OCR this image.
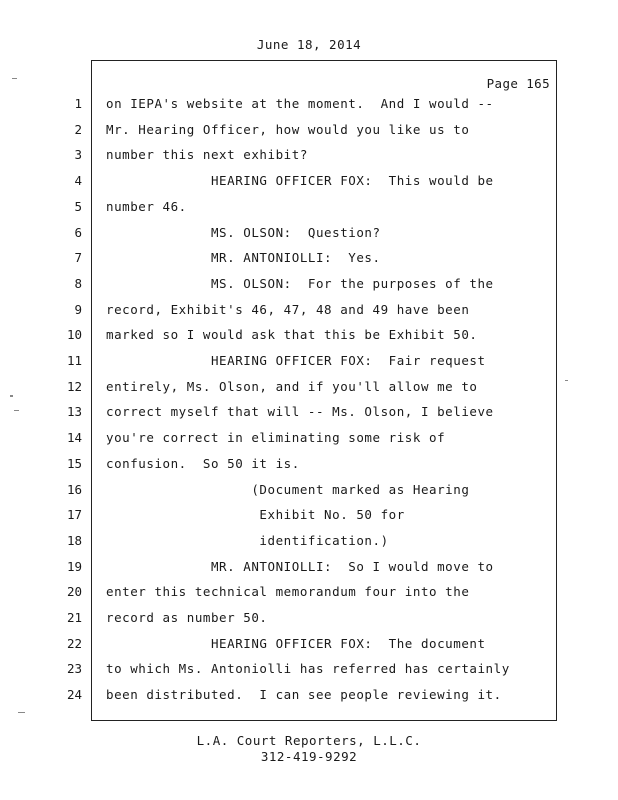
June 18, 2014
Page 165
1 on IEPA's website at the moment.  And I would --
2 Mr. Hearing Officer, how would you like us to
3 number this next exhibit?
4 HEARING OFFICER FOX:  This would be
5 number 46.
6 MS. OLSON:  Question?
7 MR. ANTONIOLLI:  Yes.
8 MS. OLSON:  For the purposes of the
9 record, Exhibit's 46, 47, 48 and 49 have been
10 marked so I would ask that this be Exhibit 50.
11 HEARING OFFICER FOX:  Fair request
12 entirely, Ms. Olson, and if you'll allow me to
13 correct myself that will -- Ms. Olson, I believe
14 you're correct in eliminating some risk of
15 confusion.  So 50 it is.
16 (Document marked as Hearing
17 Exhibit No. 50 for
18 identification.)
19 MR. ANTONIOLLI:  So I would move to
20 enter this technical memorandum four into the
21 record as number 50.
22 HEARING OFFICER FOX:  The document
23 to which Ms. Antoniolli has referred has certainly
24 been distributed.  I can see people reviewing it.
L.A. Court Reporters, L.L.C.
312-419-9292
